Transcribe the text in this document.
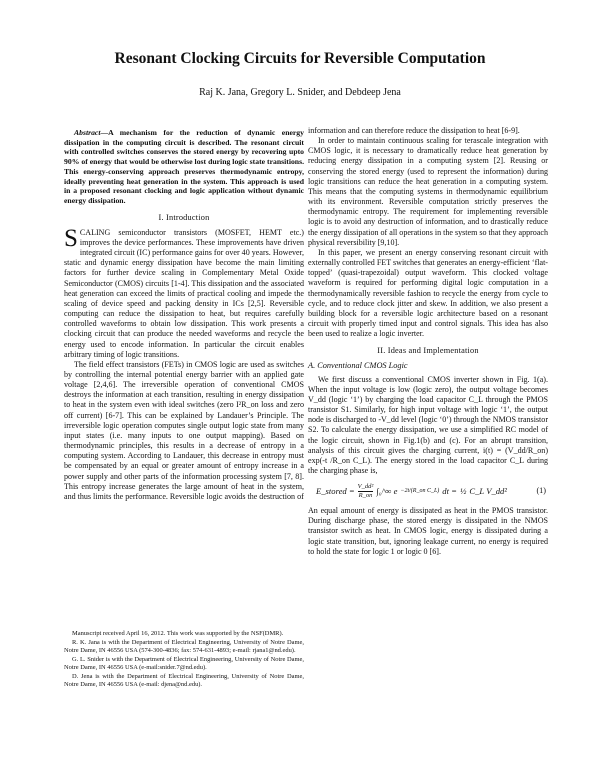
Resonant Clocking Circuits for Reversible Computation
Raj K. Jana, Gregory L. Snider, and Debdeep Jena

Abstract—A mechanism for the reduction of dynamic energy dissipation in the computing circuit is described. The resonant circuit with controlled switches conserves the stored energy by recovering upto 90% of energy that would be otherwise lost during logic state transitions. This energy-conserving approach preserves thermodynamic entropy, ideally preventing heat generation in the system. This approach is used in a proposed resonant clocking and logic application without dynamic energy dissipation.

I. Introduction

SCALING semiconductor transistors (MOSFET, HEMT etc.) improves the device performances. These improvements have driven integrated circuit (IC) performance gains for over 40 years. However, static and dynamic energy dissipation have become the main limiting factors for further device scaling in Complementary Metal Oxide Semiconductor (CMOS) circuits [1-4]. This dissipation and the associated heat generation can exceed the limits of practical cooling and impede the scaling of device speed and packing density in ICs [2,5]. Reversible computing can reduce the dissipation to heat, but requires carefully controlled waveforms to obtain low dissipation. This work presents a clocking circuit that can produce the needed waveforms and recycle the energy used to encode information. In particular the circuit enables arbitrary timing of logic transitions.

The field effect transistors (FETs) in CMOS logic are used as switches by controlling the internal potential energy barrier with an applied gate voltage [2,4,6]. The irreversible operation of conventional CMOS destroys the information at each transition, resulting in energy dissipation to heat in the system even with ideal switches (zero I²R_on loss and zero off current) [6-7]. This can be explained by Landauer’s Principle. The irreversible logic operation computes single output logic state from many input states (i.e. many inputs to one output mapping). Based on thermodynamic principles, this results in a decrease of entropy in a computing system. According to Landauer, this decrease in entropy must be compensated by an equal or greater amount of entropy increase in a power supply and other parts of the information processing system [7, 8]. This entropy increase generates the large amount of heat in the system, and thus limits the performance. Reversible logic avoids the destruction of

Manuscript received April 16, 2012. This work was supported by the NSF(DMR).

R. K. Jana is with the Department of Electrical Engineering, University of Notre Dame, Notre Dame, IN 46556 USA (574-300-4836; fax: 574-631-4893; e-mail: rjana1@nd.edu).

G. L. Snider is with the Department of Electrical Engineering, University of Notre Dame, Notre Dame, IN 46556 USA (e-mail:snider.7@nd.edu).

D. Jena is with the Department of Electrical Engineering, University of Notre Dame, Notre Dame, IN 46556 USA (e-mail: djena@nd.edu).

information and can therefore reduce the dissipation to heat [6-9].

In order to maintain continuous scaling for terascale integration with CMOS logic, it is necessary to dramatically reduce heat generation by reducing energy dissipation in a computing system [2]. Reusing or conserving the stored energy (used to represent the information) during logic transitions can reduce the heat generation in a computing system. This means that the computing systems in thermodynamic equilibrium with its environment. Reversible computation strictly preserves the thermodynamic entropy. The requirement for implementing reversible logic is to avoid any destruction of information, and to drastically reduce the energy dissipation of all operations in the system so that they approach physical reversibility [9,10].

In this paper, we present an energy conserving resonant circuit with externally controlled FET switches that generates an energy-efficient ‘flat-topped’ (quasi-trapezoidal) output waveform. This clocked voltage waveform is required for performing digital logic computation in a thermodynamically reversible fashion to recycle the energy from cycle to cycle, and to reduce clock jitter and skew. In addition, we also present a building block for a reversible logic architecture based on a resonant circuit with properly timed input and control signals. This idea has also been used to realize a logic inverter.

II. Ideas and Implementation
A. Conventional CMOS Logic

We first discuss a conventional CMOS inverter shown in Fig. 1(a). When the input voltage is low (logic zero), the output voltage becomes V_dd (logic ‘1’) by charging the load capacitor C_L through the PMOS transistor S1. Similarly, for high input voltage with logic ‘1’, the output node is discharged to -V_dd level (logic ‘0’) through the NMOS transistor S2. To calculate the energy dissipation, we use a simplified RC model of the logic circuit, shown in Fig.1(b) and (c). For an abrupt transition, analysis of this circuit gives the charging current, i(t) = (V_dd/R_on) exp(-t /R_on C_L). The energy stored in the load capacitor C_L during the charging phase is,

E_stored = $\frac{\text{V\_dd²}}{R\_on}$ ∫₀^∞ e −2t/(R_on C_L) dt = ½ C_L V_dd²	(1)

An equal amount of energy is dissipated as heat in the PMOS transistor. During discharge phase, the stored energy is dissipated in the NMOS transistor switch as heat. In CMOS logic, energy is dissipated during a logic state transition, but, ignoring leakage current, no energy is required to hold the state for logic 1 or logic 0 [6].
